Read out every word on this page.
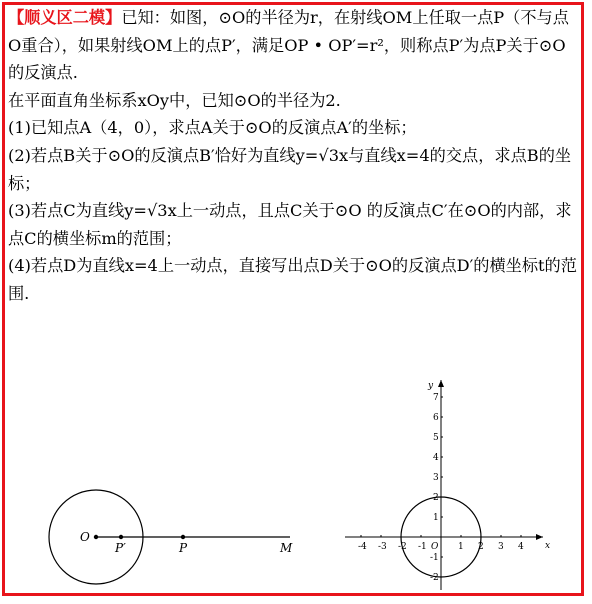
【顺义区二模】已知：如图，⊙O的半径为r，在射线OM上任取一点P（不与点O重合），如果射线OM上的点P′，满足OP • OP′=r²，则称点P′为点P关于⊙O的反演点.

在平面直角坐标系xOy中，已知⊙O的半径为2.

(1)已知点A（4，0），求点A关于⊙O的反演点A′的坐标；

(2)若点B关于⊙O的反演点B′恰好为直线y=√3x与直线x=4的交点，求点B的坐标；

(3)若点C为直线y=√3x上一动点，且点C关于⊙O 的反演点C′在⊙O的内部，求点C的横坐标m的范围；

(4)若点D为直线x=4上一动点，直接写出点D关于⊙O的反演点D′的横坐标t的范围.

O
P′	P	M	-4 -3 -2 -1 O 1 2 3 4
7
6
5
4
3
2
1
-1
-2
x
y
